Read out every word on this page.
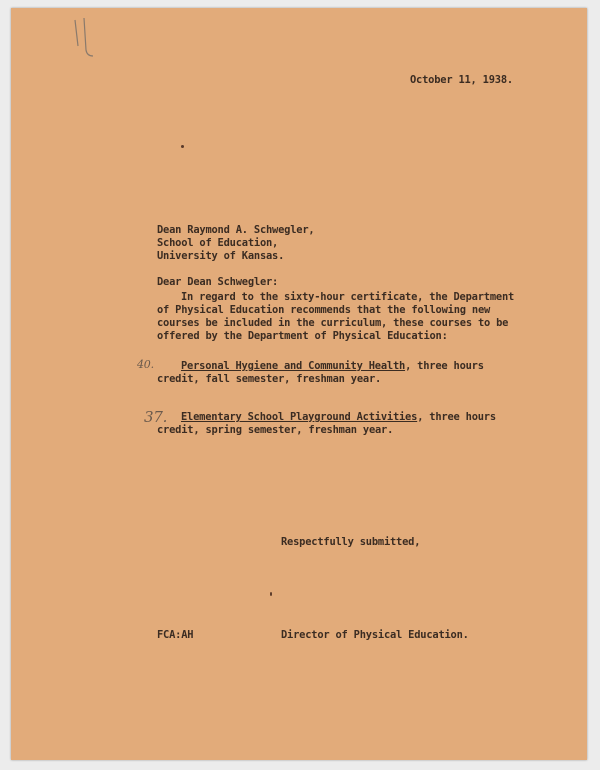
October 11, 1938.
Dean Raymond A. Schwegler,
School of Education,
University of Kansas.
Dear Dean Schwegler:
In regard to the sixty-hour certificate, the Department
of Physical Education recommends that the following new
courses be included in the curriculum, these courses to be
offered by the Department of Physical Education:
40.	Personal Hygiene and Community Health, three hours
credit, fall semester, freshman year.
37. Elementary School Playground Activities, three hours
credit, spring semester, freshman year.
Respectfully submitted,
FCA:AH	Director of Physical Education.
